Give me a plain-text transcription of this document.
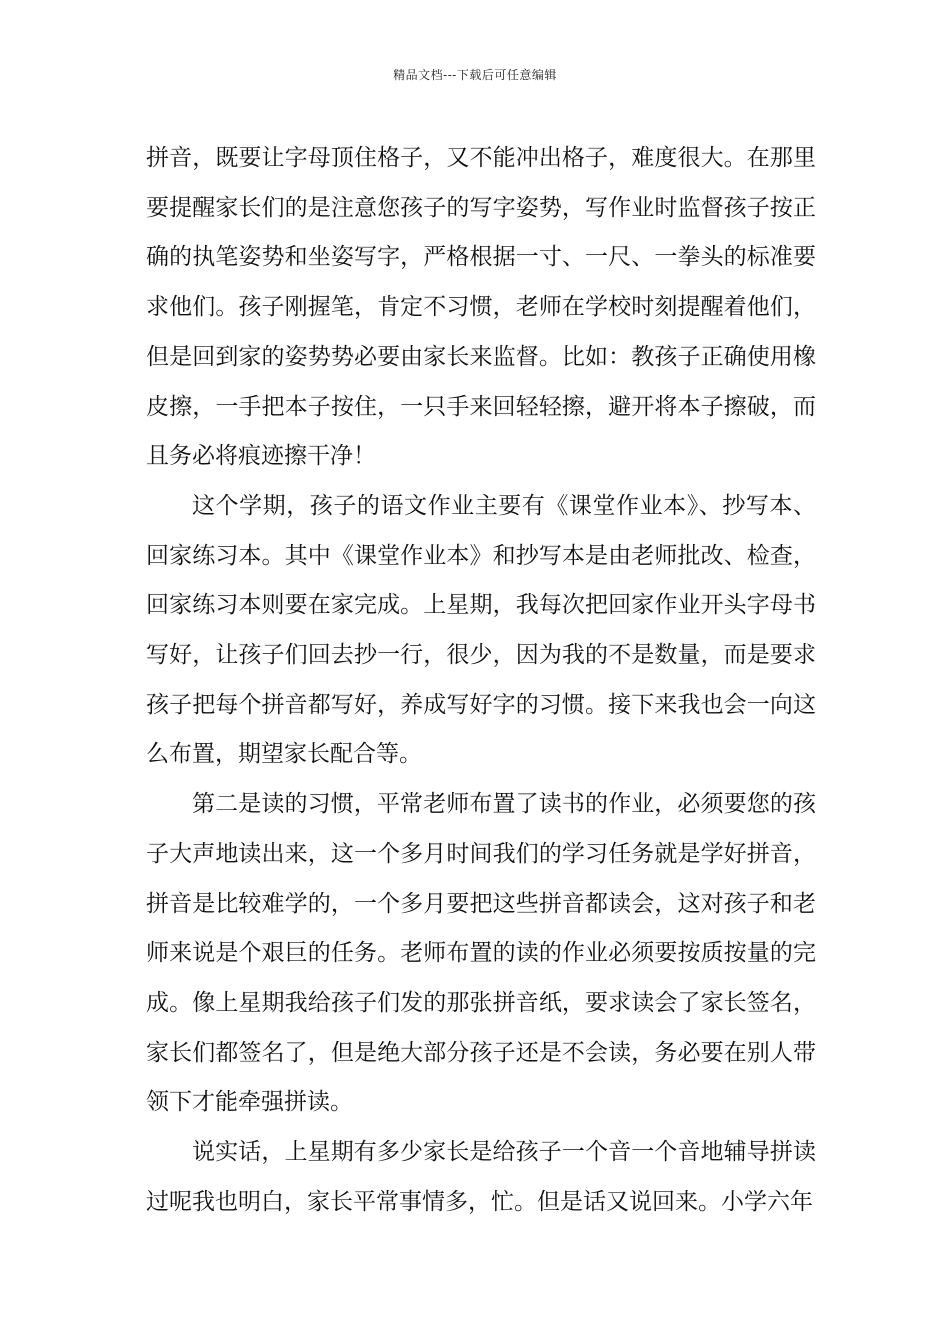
精品文档---下载后可任意编辑

拼音，既要让字母顶住格子，又不能冲出格子，难度很大。在那里要提醒家长们的是注意您孩子的写字姿势，写作业时监督孩子按正确的执笔姿势和坐姿写字，严格根据一寸、一尺、一拳头的标准要求他们。孩子刚握笔，肯定不习惯，老师在学校时刻提醒着他们，但是回到家的姿势势必要由家长来监督。比如：教孩子正确使用橡皮擦，一手把本子按住，一只手来回轻轻擦，避开将本子擦破，而且务必将痕迹擦干净！

这个学期，孩子的语文作业主要有《课堂作业本》、抄写本、回家练习本。其中《课堂作业本》和抄写本是由老师批改、检查，回家练习本则要在家完成。上星期，我每次把回家作业开头字母书写好，让孩子们回去抄一行，很少，因为我的不是数量，而是要求孩子把每个拼音都写好，养成写好字的习惯。接下来我也会一向这么布置，期望家长配合等。

第二是读的习惯，平常老师布置了读书的作业，必须要您的孩子大声地读出来，这一个多月时间我们的学习任务就是学好拼音，拼音是比较难学的，一个多月要把这些拼音都读会，这对孩子和老师来说是个艰巨的任务。老师布置的读的作业必须要按质按量的完成。像上星期我给孩子们发的那张拼音纸，要求读会了家长签名，家长们都签名了，但是绝大部分孩子还是不会读，务必要在别人带领下才能牵强拼读。

说实话，上星期有多少家长是给孩子一个音一个音地辅导拼读过呢我也明白，家长平常事情多，忙。但是话又说回来。小学六年
